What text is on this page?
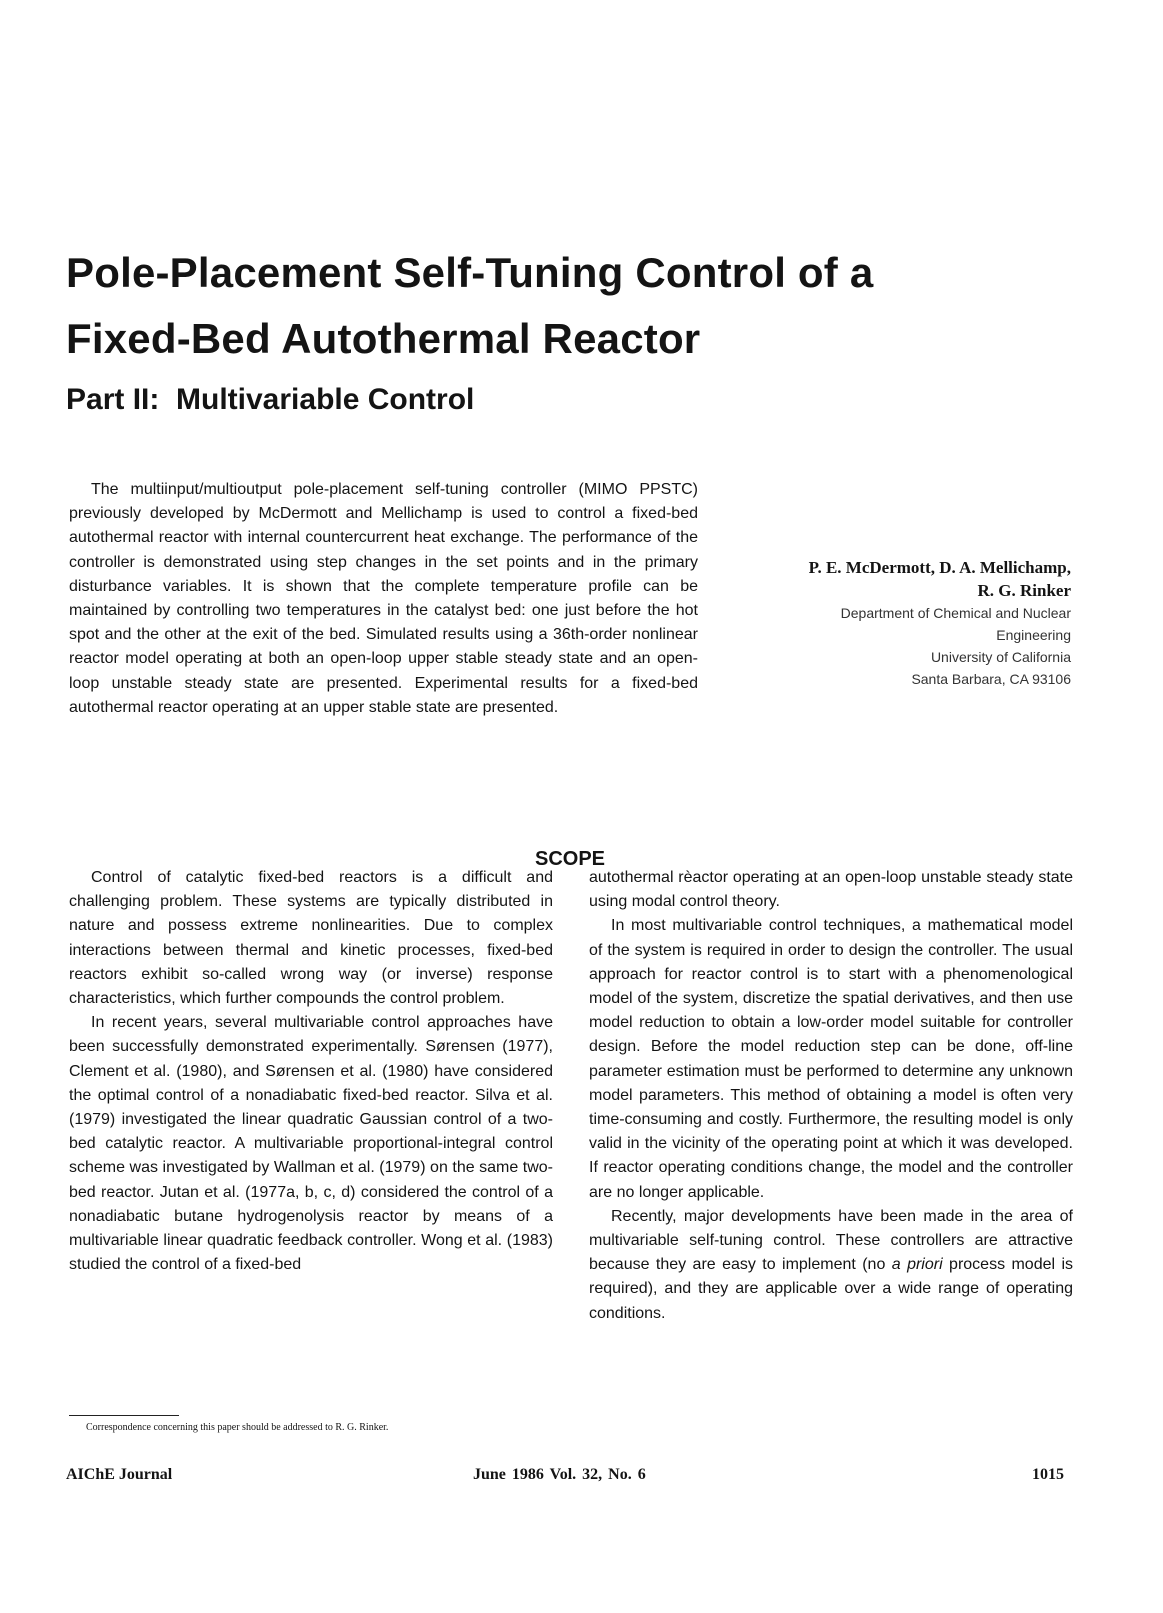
Pole-Placement Self-Tuning Control of a
Fixed-Bed Autothermal Reactor
Part II:  Multivariable Control

The multiinput/multioutput pole-placement self-tuning controller (MIMO PPSTC) previously developed by McDermott and Mellichamp is used to control a fixed-bed autothermal reactor with internal countercurrent heat exchange. The performance of the controller is demonstrated using step changes in the set points and in the primary disturbance variables. It is shown that the complete temperature profile can be maintained by controlling two temperatures in the catalyst bed: one just before the hot spot and the other at the exit of the bed. Simulated results using a 36th-order nonlinear reactor model operating at both an open-loop upper stable steady state and an open-loop unstable steady state are presented. Experimental results for a fixed-bed autothermal reactor operating at an upper stable state are presented.

P. E. McDermott, D. A. Mellichamp,
R. G. Rinker
Department of Chemical and Nuclear
Engineering
University of California
Santa Barbara, CA 93106
SCOPE

Control of catalytic fixed-bed reactors is a difficult and challenging problem. These systems are typically distributed in nature and possess extreme nonlinearities. Due to complex interactions between thermal and kinetic processes, fixed-bed reactors exhibit so-called wrong way (or inverse) response characteristics, which further compounds the control problem.

In recent years, several multivariable control approaches have been successfully demonstrated experimentally. Sørensen (1977), Clement et al. (1980), and Sørensen et al. (1980) have considered the optimal control of a nonadiabatic fixed-bed reactor. Silva et al. (1979) investigated the linear quadratic Gaussian control of a two-bed catalytic reactor. A multivariable proportional-integral control scheme was investigated by Wallman et al. (1979) on the same two-bed reactor. Jutan et al. (1977a, b, c, d) considered the control of a nonadiabatic butane hydrogenolysis reactor by means of a multivariable linear quadratic feedback controller. Wong et al. (1983) studied the control of a fixed-bed

autothermal rèactor operating at an open-loop unstable steady state using modal control theory.

In most multivariable control techniques, a mathematical model of the system is required in order to design the controller. The usual approach for reactor control is to start with a phenomenological model of the system, discretize the spatial derivatives, and then use model reduction to obtain a low-order model suitable for controller design. Before the model reduction step can be done, off-line parameter estimation must be performed to determine any unknown model parameters. This method of obtaining a model is often very time-consuming and costly. Furthermore, the resulting model is only valid in the vicinity of the operating point at which it was developed. If reactor operating conditions change, the model and the controller are no longer applicable.

Recently, major developments have been made in the area of multivariable self-tuning control. These controllers are attractive because they are easy to implement (no a priori process model is required), and they are applicable over a wide range of operating conditions.

Correspondence concerning this paper should be addressed to R. G. Rinker.
AIChE Journal	June 1986 Vol. 32, No. 6	1015
